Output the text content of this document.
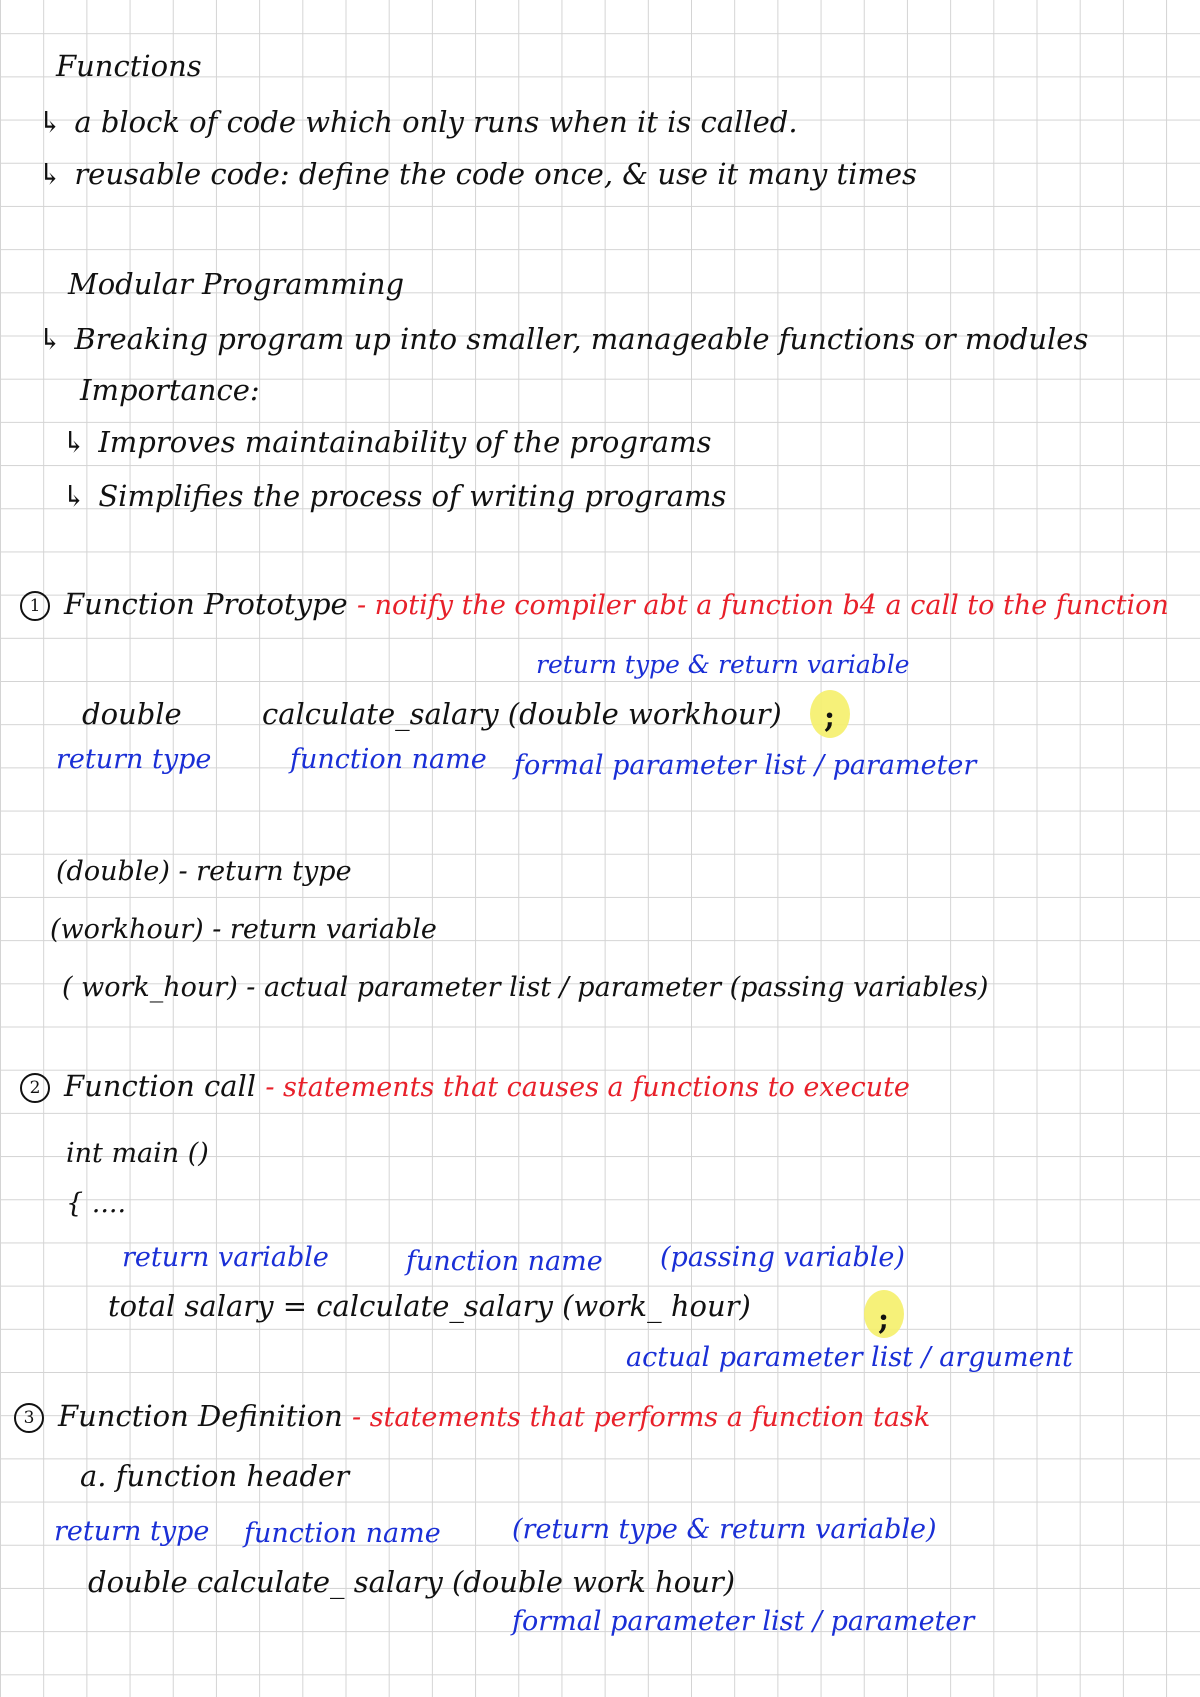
Functions
↳ a block of code which only runs when it is called.
↳ reusable code: define the code once, & use it many times
Modular Programming
↳ Breaking program up into smaller, manageable functions or modules
Importance:
↳ Improves maintainability of the programs
↳ Simplifies the process of writing programs
1 Function Prototype - notify the compiler abt a function b4 a call to the function
return type & return variable
double	calculate_salary (double workhour) ;
return type	function name formal parameter list / parameter
(double) - return type
(workhour) - return variable
( work_hour) - actual parameter list / parameter (passing variables)
2 Function call - statements that causes a functions to execute
int main ()
{ ....
return variable	function name (passing variable)
total salary = calculate_salary (work_ hour)	;
actual parameter list / argument
3 Function Definition - statements that performs a function task
a. function header
return type function name	(return type & return variable)
double calculate_ salary (double work hour)
formal parameter list / parameter
